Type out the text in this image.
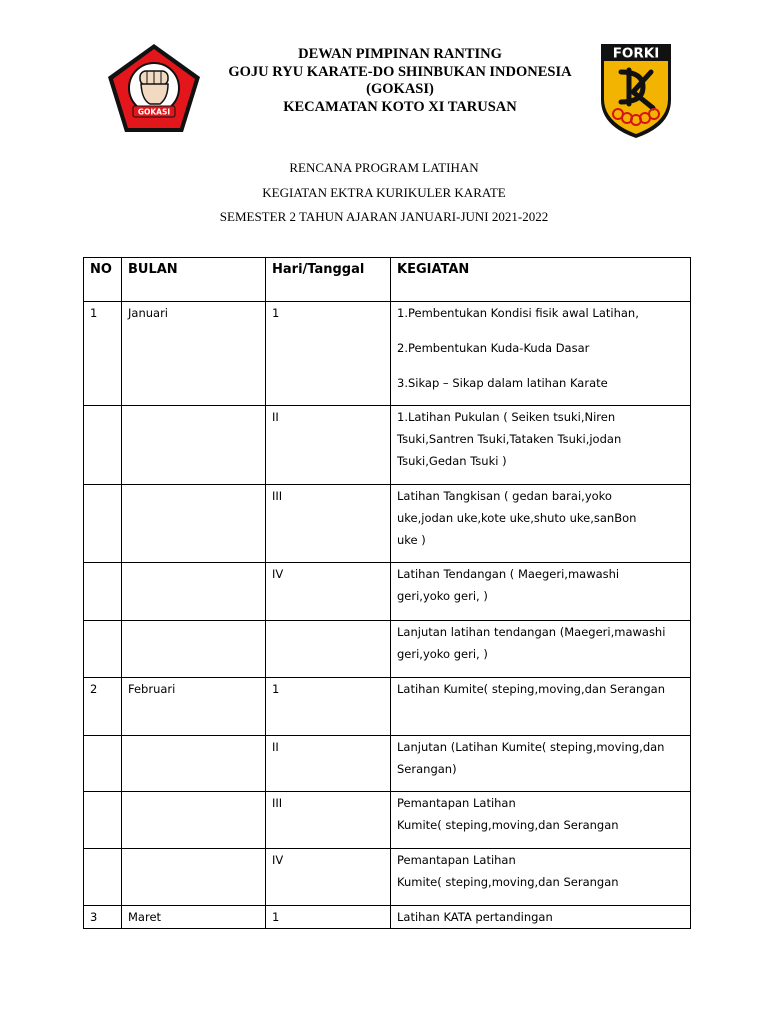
GOKASI
DEWAN PIMPINAN RANTING
GOJU RYU KARATE-DO SHINBUKAN INDONESIA
(GOKASI)
KECAMATAN KOTO XI TARUSAN
FORKI
RENCANA PROGRAM LATIHAN
KEGIATAN EKTRA KURIKULER KARATE
SEMESTER 2 TAHUN AJARAN JANUARI-JUNI 2021-2022
NO	BULAN	Hari/Tanggal	KEGIATAN
1	Januari	1	1.Pembentukan Kondisi fisik awal Latihan,
2.Pembentukan Kuda-Kuda Dasar
3.Sikap – Sikap dalam latihan Karate

		II	1.Latihan Pukulan ( Seiken tsuki,Niren
Tsuki,Santren Tsuki,Tataken Tsuki,jodan
Tsuki,Gedan Tsuki )

		III	Latihan Tangkisan ( gedan barai,yoko
uke,jodan uke,kote uke,shuto uke,sanBon
uke )

		IV	Latihan Tendangan ( Maegeri,mawashi
geri,yoko geri, )

			Lanjutan latihan tendangan (Maegeri,mawashi
geri,yoko geri, )

2	Februari	1	Latihan Kumite( steping,moving,dan Serangan

		II	Lanjutan (Latihan Kumite( steping,moving,dan
Serangan)

		III	Pemantapan Latihan
Kumite( steping,moving,dan Serangan

		IV	Pemantapan Latihan
Kumite( steping,moving,dan Serangan

3	Maret	1	Latihan KATA pertandingan
